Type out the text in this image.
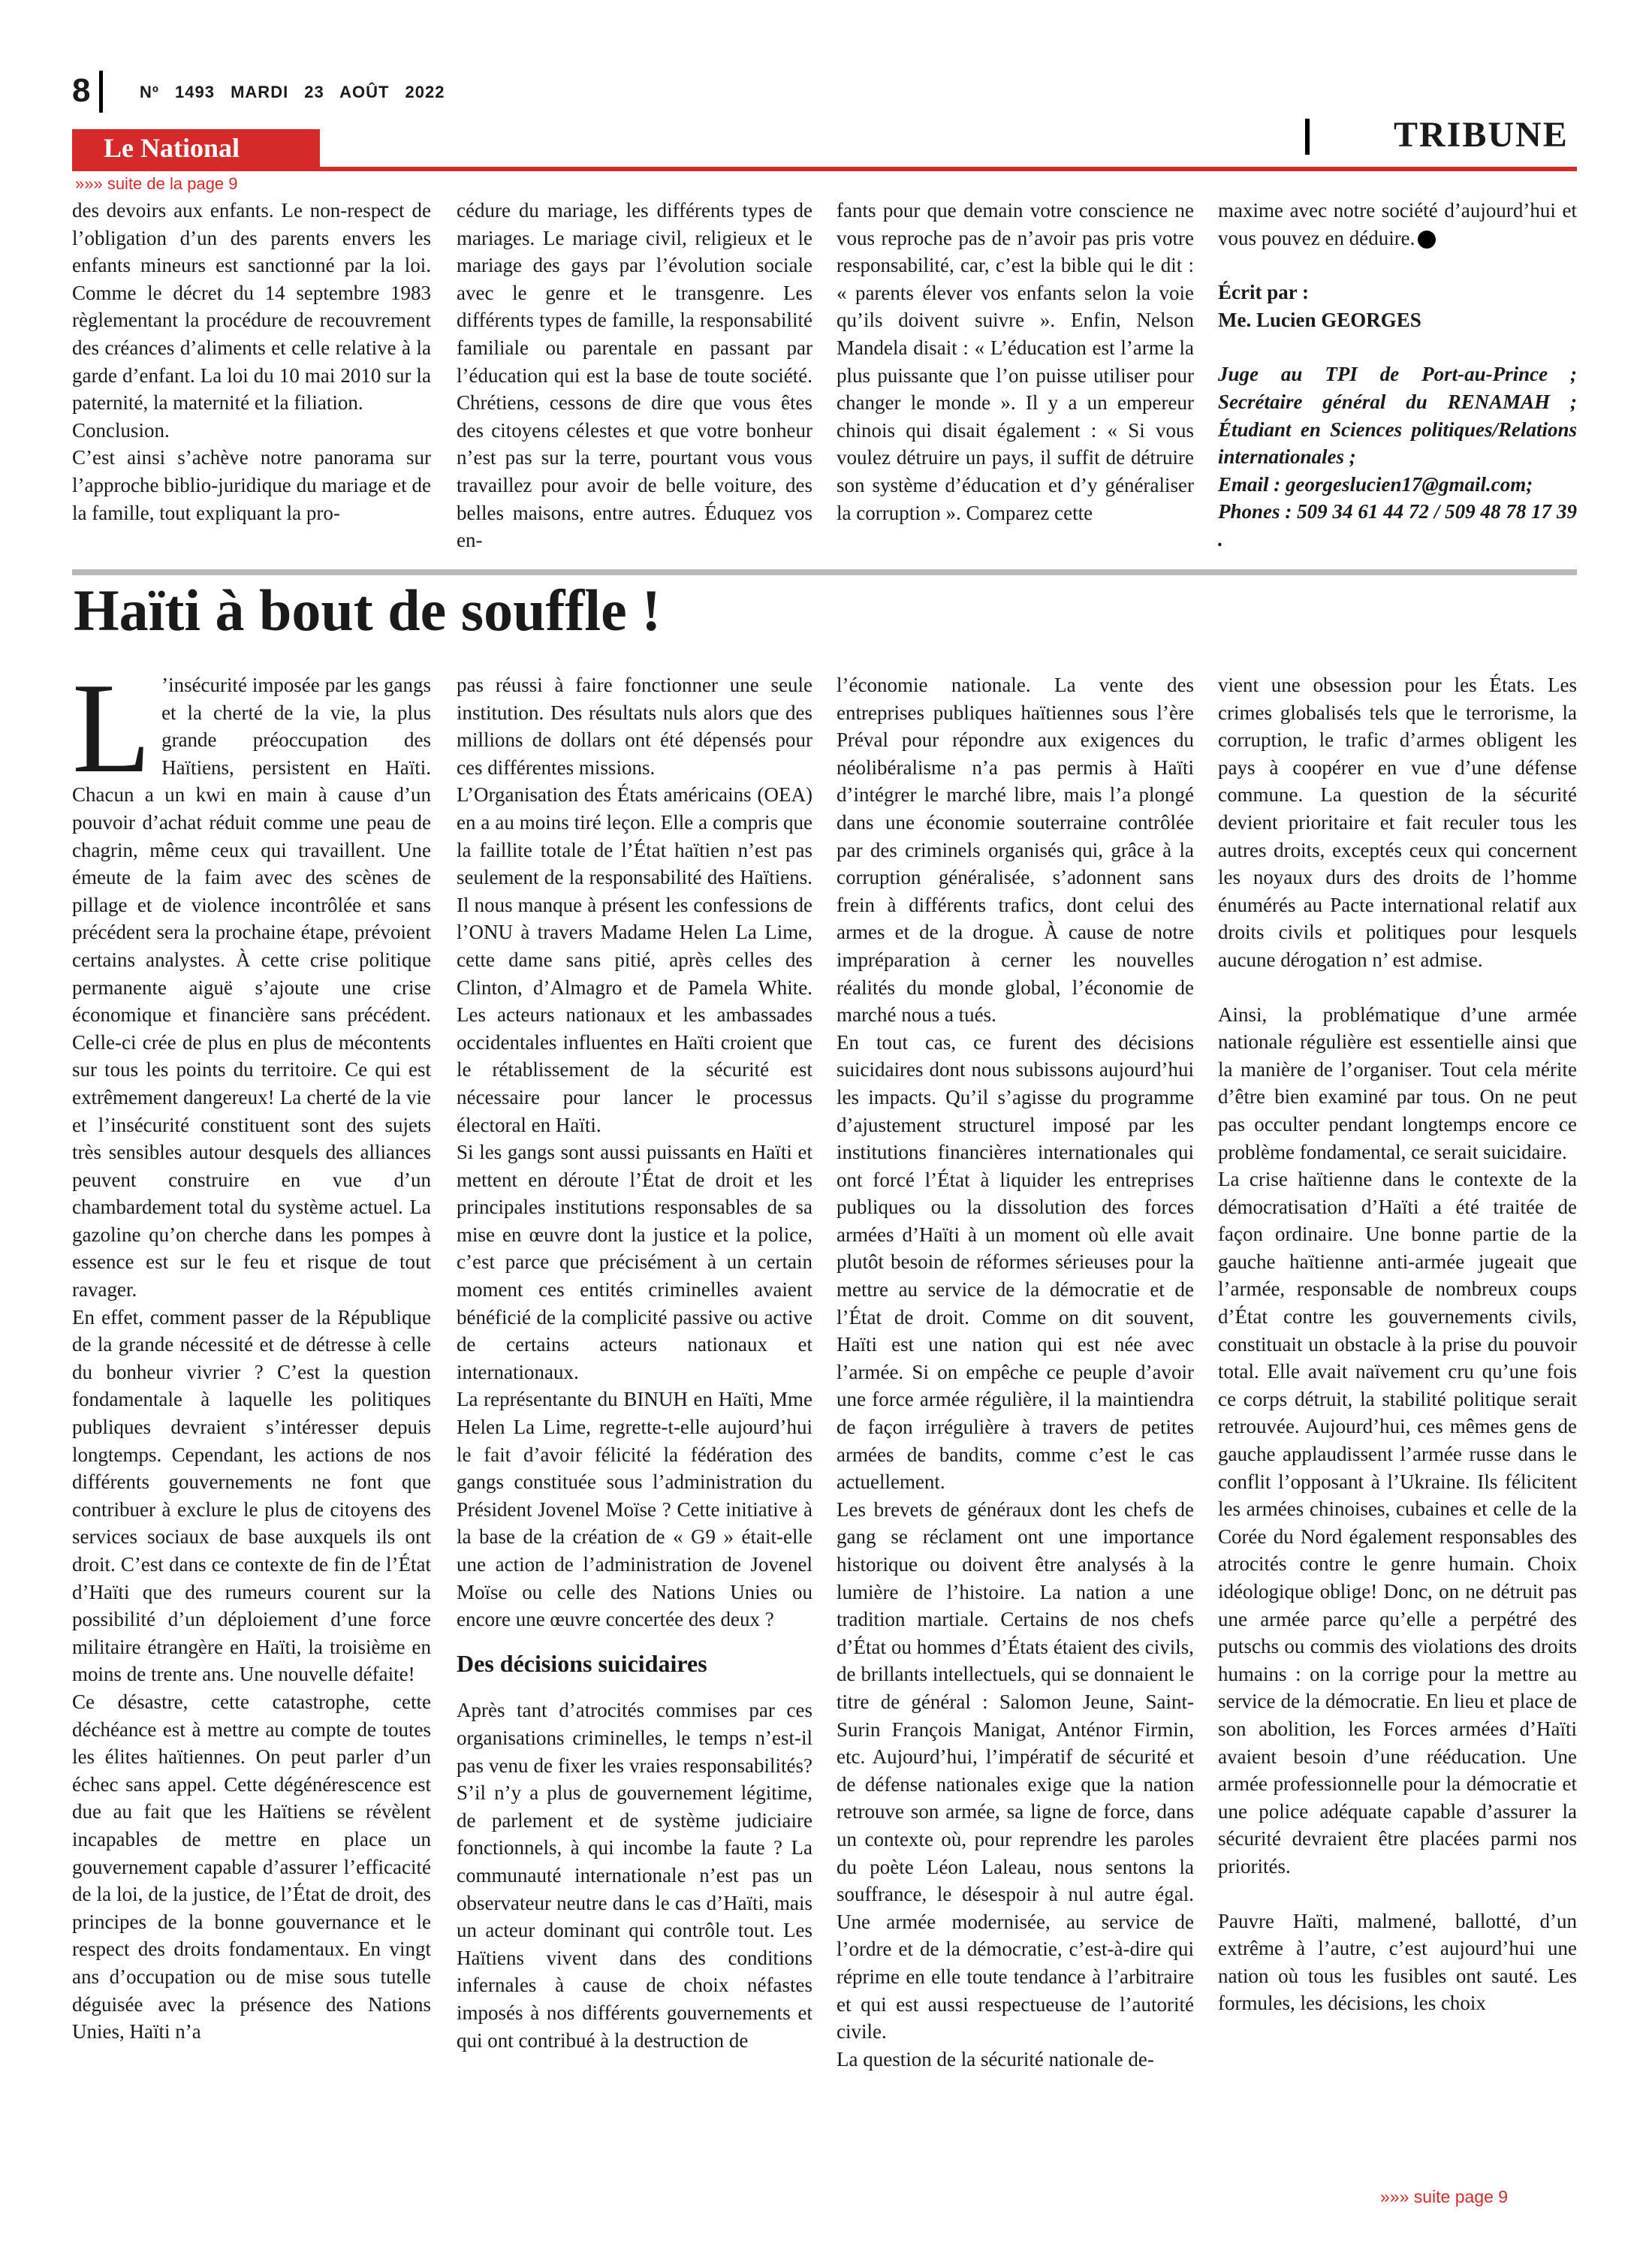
8	Nº 1493 MARDI 23 AOÛT 2022
Le National	TRIBUNE
»»» suite de la page 9

des devoirs aux enfants. Le non-respect de l’obligation d’un des parents envers les enfants mineurs est sanctionné par la loi. Comme le décret du 14 septembre 1983 règlementant la procédure de recouvrement des créances d’aliments et celle relative à la garde d’enfant. La loi du 10 mai 2010 sur la paternité, la maternité et la filiation.

Conclusion.

C’est ainsi s’achève notre panorama sur l’approche biblio-juridique du mariage et de la famille, tout expliquant la pro-

cédure du mariage, les différents types de mariages. Le mariage civil, religieux et le mariage des gays par l’évolution sociale avec le genre et le transgenre. Les différents types de famille, la responsabilité familiale ou parentale en passant par l’éducation qui est la base de toute société. Chrétiens, cessons de dire que vous êtes des citoyens célestes et que votre bonheur n’est pas sur la terre, pourtant vous vous travaillez pour avoir de belle voiture, des belles maisons, entre autres. Éduquez vos en-

fants pour que demain votre conscience ne vous reproche pas de n’avoir pas pris votre responsabilité, car, c’est la bible qui le dit : « parents élever vos enfants selon la voie qu’ils doivent suivre ». Enfin, Nelson Mandela disait : « L’éducation est l’arme la plus puissante que l’on puisse utiliser pour changer le monde ». Il y a un empereur chinois qui disait également : « Si vous voulez détruire un pays, il suffit de détruire son système d’éducation et d’y généraliser la corruption ». Comparez cette

maxime avec notre société d’aujourd’hui et vous pouvez en déduire.

Écrit par :

Me. Lucien GEORGES

Juge au TPI de Port-au-Prince ; Secrétaire général du RENAMAH ; Étudiant en Sciences politiques/Relations internationales ;

Email : georgeslucien17@gmail.com;

Phones : 509 34 61 44 72 / 509 48 78 17 39 .

Haïti à bout de souffle !

L ’insécurité imposée par les gangs et la cherté de la vie, la plus grande préoccupation des Haïtiens, persistent en Haïti. Chacun a un kwi en main à cause d’un pouvoir d’achat réduit comme une peau de chagrin, même ceux qui travaillent. Une émeute de la faim avec des scènes de pillage et de violence incontrôlée et sans précédent sera la prochaine étape, prévoient certains analystes. À cette crise politique permanente aiguë s’ajoute une crise économique et financière sans précédent. Celle-ci crée de plus en plus de mécontents sur tous les points du territoire. Ce qui est extrêmement dangereux! La cherté de la vie et l’insécurité constituent sont des sujets très sensibles autour desquels des alliances peuvent construire en vue d’un chambardement total du système actuel. La gazoline qu’on cherche dans les pompes à essence est sur le feu et risque de tout ravager.

En effet, comment passer de la République de la grande nécessité et de détresse à celle du bonheur vivrier ? C’est la question fondamentale à laquelle les politiques publiques devraient s’intéresser depuis longtemps. Cependant, les actions de nos différents gouvernements ne font que contribuer à exclure le plus de citoyens des services sociaux de base auxquels ils ont droit. C’est dans ce contexte de fin de l’État d’Haïti que des rumeurs courent sur la possibilité d’un déploiement d’une force militaire étrangère en Haïti, la troisième en moins de trente ans. Une nouvelle défaite!

Ce désastre, cette catastrophe, cette déchéance est à mettre au compte de toutes les élites haïtiennes. On peut parler d’un échec sans appel. Cette dégénérescence est due au fait que les Haïtiens se révèlent incapables de mettre en place un gouvernement capable d’assurer l’efficacité de la loi, de la justice, de l’État de droit, des principes de la bonne gouvernance et le respect des droits fondamentaux. En vingt ans d’occupation ou de mise sous tutelle déguisée avec la présence des Nations Unies, Haïti n’a

pas réussi à faire fonctionner une seule institution. Des résultats nuls alors que des millions de dollars ont été dépensés pour ces différentes missions.

L’Organisation des États américains (OEA) en a au moins tiré leçon. Elle a compris que la faillite totale de l’État haïtien n’est pas seulement de la responsabilité des Haïtiens. Il nous manque à présent les confessions de l’ONU à travers Madame Helen La Lime, cette dame sans pitié, après celles des Clinton, d’Almagro et de Pamela White. Les acteurs nationaux et les ambassades occidentales influentes en Haïti croient que le rétablissement de la sécurité est nécessaire pour lancer le processus électoral en Haïti.

Si les gangs sont aussi puissants en Haïti et mettent en déroute l’État de droit et les principales institutions responsables de sa mise en œuvre dont la justice et la police, c’est parce que précisément à un certain moment ces entités criminelles avaient bénéficié de la complicité passive ou active de certains acteurs nationaux et internationaux.

La représentante du BINUH en Haïti, Mme Helen La Lime, regrette-t-elle aujourd’hui le fait d’avoir félicité la fédération des gangs constituée sous l’administration du Président Jovenel Moïse ? Cette initiative à la base de la création de « G9 » était-elle une action de l’administration de Jovenel Moïse ou celle des Nations Unies ou encore une œuvre concertée des deux ?

Des décisions suicidaires

Après tant d’atrocités commises par ces organisations criminelles, le temps n’est-il pas venu de fixer les vraies responsabilités? S’il n’y a plus de gouvernement légitime, de parlement et de système judiciaire fonctionnels, à qui incombe la faute ? La communauté internationale n’est pas un observateur neutre dans le cas d’Haïti, mais un acteur dominant qui contrôle tout. Les Haïtiens vivent dans des conditions infernales à cause de choix néfastes imposés à nos différents gouvernements et qui ont contribué à la destruction de

l’économie nationale. La vente des entreprises publiques haïtiennes sous l’ère Préval pour répondre aux exigences du néolibéralisme n’a pas permis à Haïti d’intégrer le marché libre, mais l’a plongé dans une économie souterraine contrôlée par des criminels organisés qui, grâce à la corruption généralisée, s’adonnent sans frein à différents trafics, dont celui des armes et de la drogue. À cause de notre impréparation à cerner les nouvelles réalités du monde global, l’économie de marché nous a tués.

En tout cas, ce furent des décisions suicidaires dont nous subissons aujourd’hui les impacts. Qu’il s’agisse du programme d’ajustement structurel imposé par les institutions financières internationales qui ont forcé l’État à liquider les entreprises publiques ou la dissolution des forces armées d’Haïti à un moment où elle avait plutôt besoin de réformes sérieuses pour la mettre au service de la démocratie et de l’État de droit. Comme on dit souvent, Haïti est une nation qui est née avec l’armée. Si on empêche ce peuple d’avoir une force armée régulière, il la maintiendra de façon irrégulière à travers de petites armées de bandits, comme c’est le cas actuellement.

Les brevets de généraux dont les chefs de gang se réclament ont une importance historique ou doivent être analysés à la lumière de l’histoire. La nation a une tradition martiale. Certains de nos chefs d’État ou hommes d’États étaient des civils, de brillants intellectuels, qui se donnaient le titre de général : Salomon Jeune, Saint-Surin François Manigat, Anténor Firmin, etc. Aujourd’hui, l’impératif de sécurité et de défense nationales exige que la nation retrouve son armée, sa ligne de force, dans un contexte où, pour reprendre les paroles du poète Léon Laleau, nous sentons la souffrance, le désespoir à nul autre égal. Une armée modernisée, au service de l’ordre et de la démocratie, c’est-à-dire qui réprime en elle toute tendance à l’arbitraire et qui est aussi respectueuse de l’autorité civile.

La question de la sécurité nationale de-

vient une obsession pour les États. Les crimes globalisés tels que le terrorisme, la corruption, le trafic d’armes obligent les pays à coopérer en vue d’une défense commune. La question de la sécurité devient prioritaire et fait reculer tous les autres droits, exceptés ceux qui concernent les noyaux durs des droits de l’homme énumérés au Pacte international relatif aux droits civils et politiques pour lesquels aucune dérogation n’ est admise.

Ainsi, la problématique d’une armée nationale régulière est essentielle ainsi que la manière de l’organiser. Tout cela mérite d’être bien examiné par tous. On ne peut pas occulter pendant longtemps encore ce problème fondamental, ce serait suicidaire.

La crise haïtienne dans le contexte de la démocratisation d’Haïti a été traitée de façon ordinaire. Une bonne partie de la gauche haïtienne anti-armée jugeait que l’armée, responsable de nombreux coups d’État contre les gouvernements civils, constituait un obstacle à la prise du pouvoir total. Elle avait naïvement cru qu’une fois ce corps détruit, la stabilité politique serait retrouvée. Aujourd’hui, ces mêmes gens de gauche applaudissent l’armée russe dans le conflit l’opposant à l’Ukraine. Ils félicitent les armées chinoises, cubaines et celle de la Corée du Nord également responsables des atrocités contre le genre humain. Choix idéologique oblige! Donc, on ne détruit pas une armée parce qu’elle a perpétré des putschs ou commis des violations des droits humains : on la corrige pour la mettre au service de la démocratie. En lieu et place de son abolition, les Forces armées d’Haïti avaient besoin d’une rééducation. Une armée professionnelle pour la démocratie et une police adéquate capable d’assurer la sécurité devraient être placées parmi nos priorités.

Pauvre Haïti, malmené, ballotté, d’un extrême à l’autre, c’est aujourd’hui une nation où tous les fusibles ont sauté. Les formules, les décisions, les choix

»»» suite page 9
